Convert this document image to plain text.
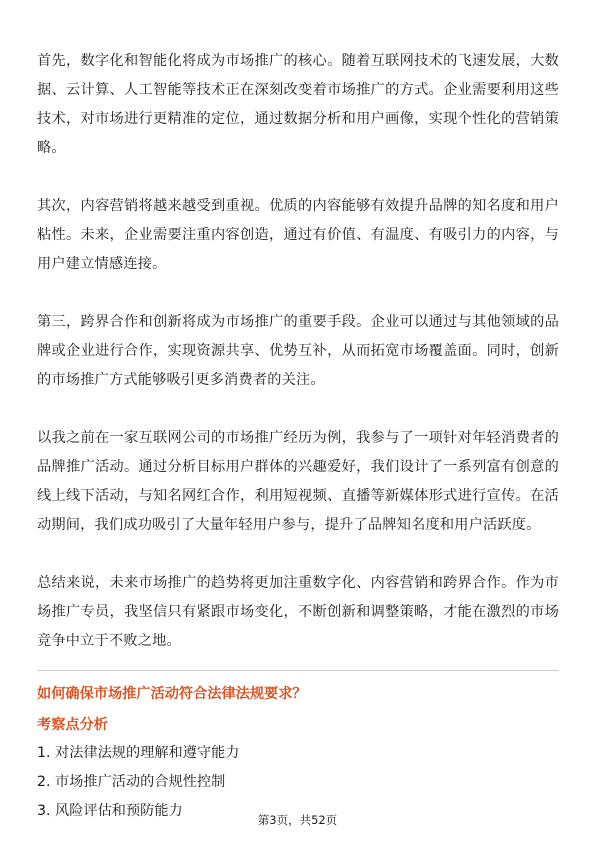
首先，数字化和智能化将成为市场推广的核心。随着互联网技术的飞速发展，大数据、云计算、人工智能等技术正在深刻改变着市场推广的方式。企业需要利用这些技术，对市场进行更精准的定位，通过数据分析和用户画像，实现个性化的营销策略。

其次，内容营销将越来越受到重视。优质的内容能够有效提升品牌的知名度和用户粘性。未来，企业需要注重内容创造，通过有价值、有温度、有吸引力的内容，与用户建立情感连接。

第三，跨界合作和创新将成为市场推广的重要手段。企业可以通过与其他领域的品牌或企业进行合作，实现资源共享、优势互补，从而拓宽市场覆盖面。同时，创新的市场推广方式能够吸引更多消费者的关注。

以我之前在一家互联网公司的市场推广经历为例，我参与了一项针对年轻消费者的品牌推广活动。通过分析目标用户群体的兴趣爱好，我们设计了一系列富有创意的线上线下活动，与知名网红合作，利用短视频、直播等新媒体形式进行宣传。在活动期间，我们成功吸引了大量年轻用户参与，提升了品牌知名度和用户活跃度。

总结来说，未来市场推广的趋势将更加注重数字化、内容营销和跨界合作。作为市场推广专员，我坚信只有紧跟市场变化，不断创新和调整策略，才能在激烈的市场竞争中立于不败之地。

如何确保市场推广活动符合法律法规要求？
考察点分析
1. 对法律法规的理解和遵守能力
2. 市场推广活动的合规性控制
3. 风险评估和预防能力
第3页，共52页
